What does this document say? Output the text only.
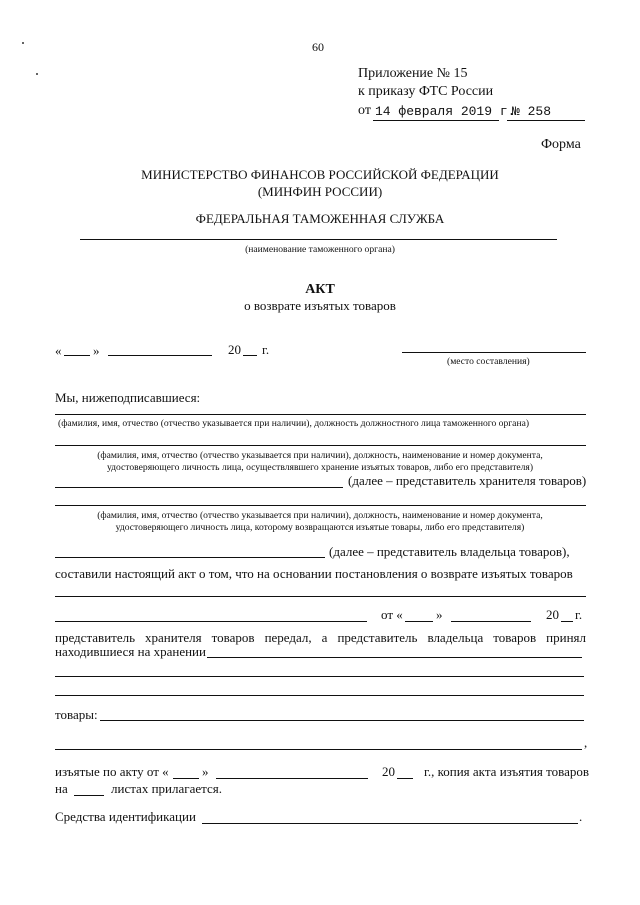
60
Приложение № 15
к приказу ФТС России
от 14 февраля 2019 г.
№ 258
Форма
МИНИСТЕРСТВО ФИНАНСОВ РОССИЙСКОЙ ФЕДЕРАЦИИ
(МИНФИН РОССИИ)
ФЕДЕРАЛЬНАЯ ТАМОЖЕННАЯ СЛУЖБА
(наименование таможенного органа)
АКТ
о возврате изъятых товаров
« »	20 г.
(место составления)
Мы, нижеподписавшиеся:
(фамилия, имя, отчество (отчество указывается при наличии), должность должностного лица таможенного органа)
(фамилия, имя, отчество (отчество указывается при наличии), должность, наименование и номер документа,
удостоверяющего личность лица, осуществлявшего хранение изъятых товаров, либо его представителя)
(далее – представитель хранителя товаров)
(фамилия, имя, отчество (отчество указывается при наличии), должность, наименование и номер документа,
удостоверяющего личность лица, которому возвращаются изъятые товары, либо его представителя)
(далее – представитель владельца товаров),
составили настоящий акт о том, что на основании постановления о возврате изъятых товаров
от «	»	20 г.
представитель хранителя товаров передал, а представитель владельца товаров принял
находившиеся на хранении
товары:
,
изъятые по акту от «	»	20 г., копия акта изъятия товаров
на	листах прилагается.
Средства идентификации	.
